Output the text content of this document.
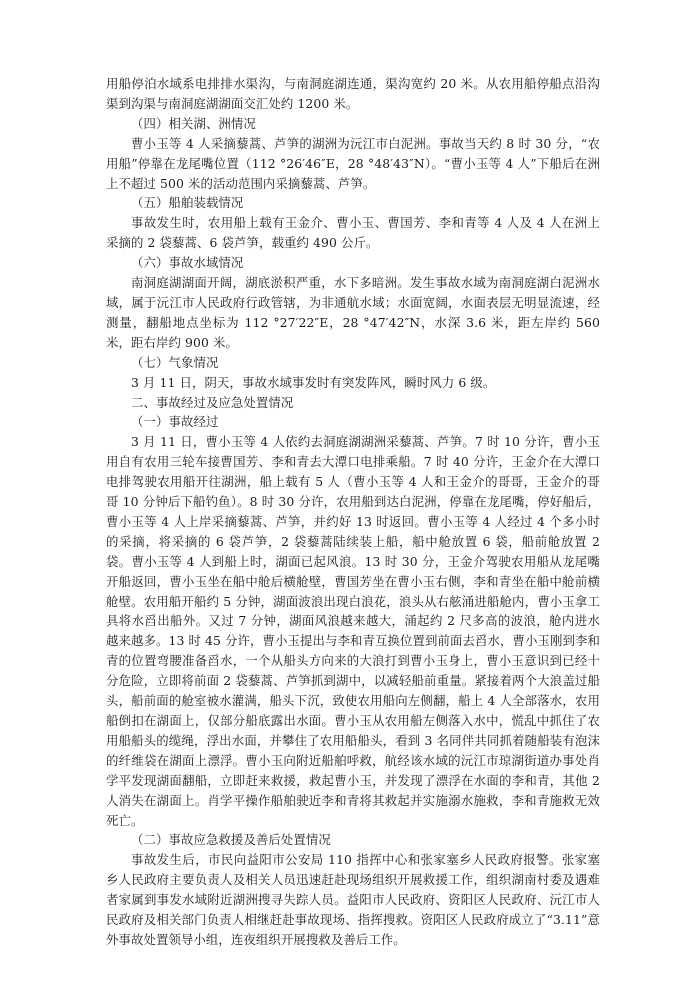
用船停泊水域系电排排水渠沟，与南洞庭湖连通，渠沟宽约 20 米。从农用船停船点沿沟渠到沟渠与南洞庭湖湖面交汇处约 1200 米。

（四）相关湖、洲情况

曹小玉等 4 人采摘藜蒿、芦笋的湖洲为沅江市白泥洲。事故当天约 8 时 30 分，“农用船”停靠在龙尾嘴位置（112 °26′46″E，28 °48′43″N）。“曹小玉等 4 人”下船后在洲上不超过 500 米的活动范围内采摘藜蒿、芦笋。

（五）船舶装载情况

事故发生时，农用船上载有王金介、曹小玉、曹国芳、李和青等 4 人及 4 人在洲上采摘的 2 袋藜蒿、6 袋芦笋，载重约 490 公斤。

（六）事故水域情况

南洞庭湖湖面开阔，湖底淤积严重，水下多暗洲。发生事故水域为南洞庭湖白泥洲水域，属于沅江市人民政府行政管辖，为非通航水域；水面宽阔，水面表层无明显流速，经测量，翻船地点坐标为 112 °27′22″E，28 °47′42″N，水深 3.6 米，距左岸约 560 米，距右岸约 900 米。

（七）气象情况

3 月 11 日，阴天，事故水域事发时有突发阵风，瞬时风力 6 级。

二、事故经过及应急处置情况

（一）事故经过

3 月 11 日，曹小玉等 4 人依约去洞庭湖湖洲采藜蒿、芦笋。7 时 10 分许，曹小玉用自有农用三轮车接曹国芳、李和青去大潭口电排乘船。7 时 40 分许，王金介在大潭口电排驾驶农用船开往湖洲，船上载有 5 人（曹小玉等 4 人和王金介的哥哥，王金介的哥哥 10 分钟后下船钓鱼）。8 时 30 分许，农用船到达白泥洲，停靠在龙尾嘴，停好船后，曹小玉等 4 人上岸采摘藜蒿、芦笋，并约好 13 时返回。曹小玉等 4 人经过 4 个多小时的采摘，将采摘的 6 袋芦笋，2 袋藜蒿陆续装上船，船中舱放置 6 袋，船前舱放置 2 袋。曹小玉等 4 人到船上时，湖面已起风浪。13 时 30 分，王金介驾驶农用船从龙尾嘴开船返回，曹小玉坐在船中舱后横舱壁，曹国芳坐在曹小玉右侧，李和青坐在船中舱前横舱壁。农用船开船约 5 分钟，湖面波浪出现白浪花，浪头从右舷涌进船舱内，曹小玉拿工具将水舀出船外。又过 7 分钟，湖面风浪越来越大，涌起约 2 尺多高的波浪，舱内进水越来越多。13 时 45 分许，曹小玉提出与李和青互换位置到前面去舀水，曹小玉刚到李和青的位置弯腰准备舀水，一个从船头方向来的大浪打到曹小玉身上，曹小玉意识到已经十分危险，立即将前面 2 袋藜蒿、芦笋抓到湖中，以减轻船前重量。紧接着两个大浪盖过船头，船前面的舱室被水灌满，船头下沉，致使农用船向左侧翻，船上 4 人全部落水，农用船倒扣在湖面上，仅部分船底露出水面。曹小玉从农用船左侧落入水中，慌乱中抓住了农用船船头的缆绳，浮出水面，并攀住了农用船船头，看到 3 名同伴共同抓着随船装有泡沫的纤维袋在湖面上漂浮。曹小玉向附近船舶呼救，航经该水域的沅江市琼湖街道办事处肖学平发现湖面翻船，立即赶来救援，救起曹小玉，并发现了漂浮在水面的李和青，其他 2 人消失在湖面上。肖学平操作船舶驶近李和青将其救起并实施溺水施救，李和青施救无效死亡。

（二）事故应急救援及善后处置情况

事故发生后，市民向益阳市公安局 110 指挥中心和张家塞乡人民政府报警。张家塞乡人民政府主要负责人及相关人员迅速赶赴现场组织开展救援工作，组织湖南村委及遇难者家属到事发水域附近湖洲搜寻失踪人员。益阳市人民政府、资阳区人民政府、沅江市人民政府及相关部门负责人相继赶赴事故现场、指挥搜救。资阳区人民政府成立了“3.11”意外事故处置领导小组，连夜组织开展搜救及善后工作。
